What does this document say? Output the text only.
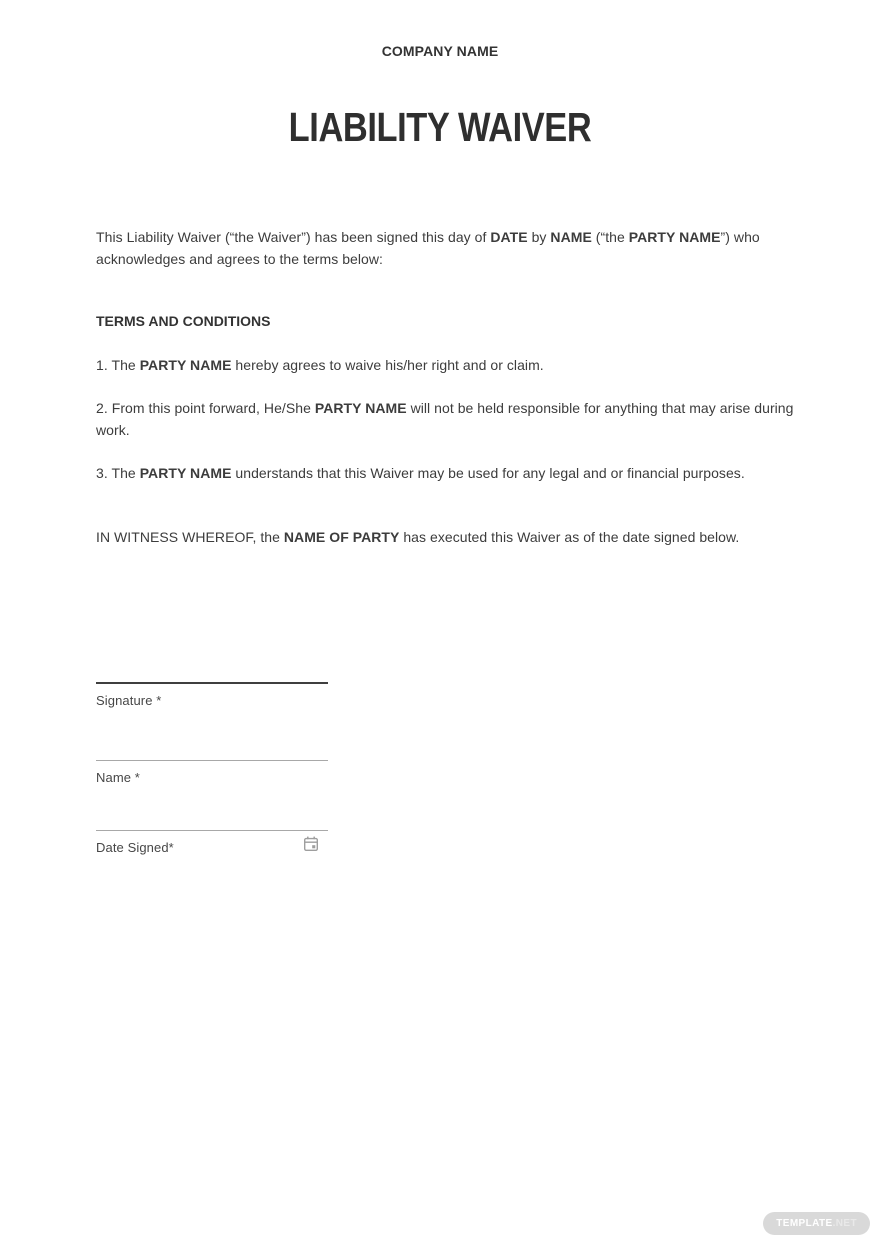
COMPANY NAME
LIABILITY WAIVER

This Liability Waiver (“the Waiver”) has been signed this day of DATE by NAME (“the PARTY NAME”) who
acknowledges and agrees to the terms below:

TERMS AND CONDITIONS

1. The PARTY NAME hereby agrees to waive his/her right and or claim.

2. From this point forward, He/She PARTY NAME will not be held responsible for anything that may arise during
work.

3. The PARTY NAME understands that this Waiver may be used for any legal and or financial purposes.

IN WITNESS WHEREOF, the NAME OF PARTY has executed this Waiver as of the date signed below.

Signature *
Name *
Date Signed*
TEMPLATE .NET
